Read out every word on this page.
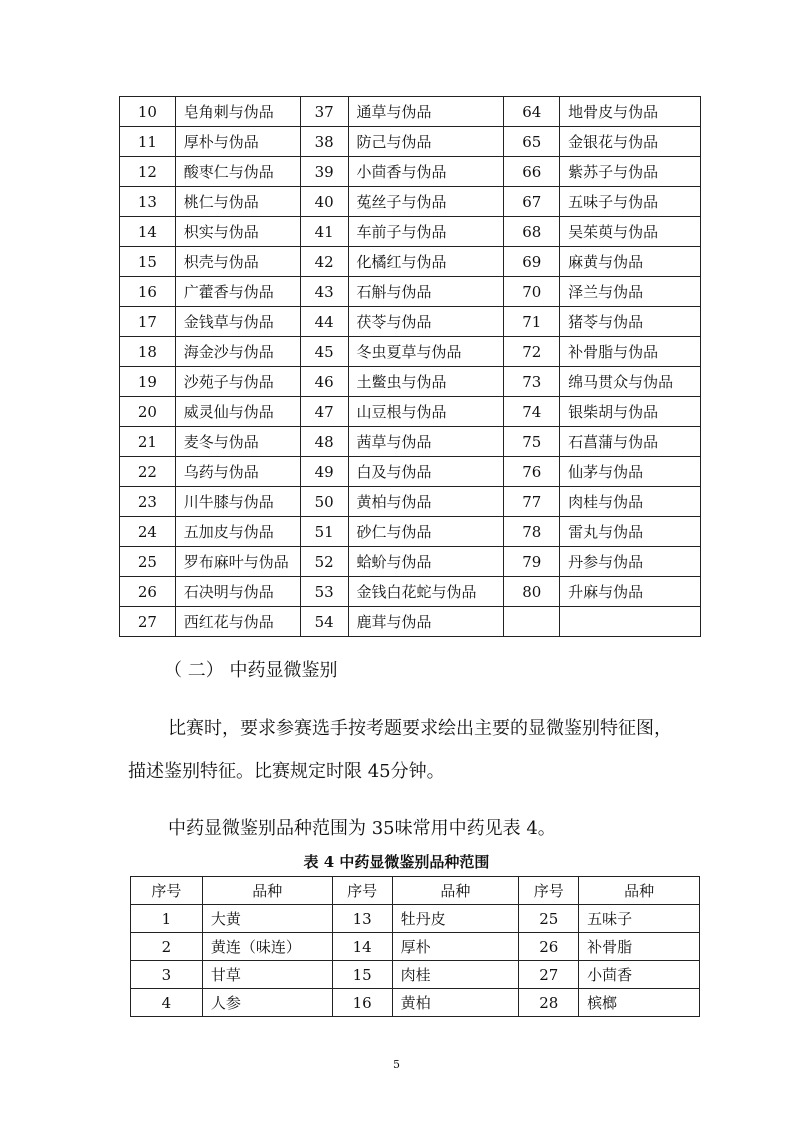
10	皂角刺与伪品	37	通草与伪品	64	地骨皮与伪品
11	厚朴与伪品	38	防己与伪品	65	金银花与伪品
12	酸枣仁与伪品	39	小茴香与伪品	66	紫苏子与伪品
13	桃仁与伪品	40	菟丝子与伪品	67	五味子与伪品
14	枳实与伪品	41	车前子与伪品	68	吴茱萸与伪品
15	枳壳与伪品	42	化橘红与伪品	69	麻黄与伪品
16	广藿香与伪品	43	石斛与伪品	70	泽兰与伪品
17	金钱草与伪品	44	茯苓与伪品	71	猪苓与伪品
18	海金沙与伪品	45	冬虫夏草与伪品	72	补骨脂与伪品
19	沙苑子与伪品	46	土鳖虫与伪品	73	绵马贯众与伪品
20	威灵仙与伪品	47	山豆根与伪品	74	银柴胡与伪品
21	麦冬与伪品	48	茜草与伪品	75	石菖蒲与伪品
22	乌药与伪品	49	白及与伪品	76	仙茅与伪品
23	川牛膝与伪品	50	黄柏与伪品	77	肉桂与伪品
24	五加皮与伪品	51	砂仁与伪品	78	雷丸与伪品
25	罗布麻叶与伪品	52	蛤蚧与伪品	79	丹参与伪品
26	石决明与伪品	53	金钱白花蛇与伪品	80	升麻与伪品
27	西红花与伪品	54	鹿茸与伪品		
（ 二） 中药显微鉴别
比赛时，要求参赛选手按考题要求绘出主要的显微鉴别特征图，
描述鉴别特征。比赛规定时限 45分钟。
中药显微鉴别品种范围为 35味常用中药见表 4。
表 4 中药显微鉴别品种范围
序号	品种	序号	品种	序号	品种
1	大黄	13	牡丹皮	25	五味子
2	黄连（味连）	14	厚朴	26	补骨脂
3	甘草	15	肉桂	27	小茴香
4	人参	16	黄柏	28	槟榔
5
